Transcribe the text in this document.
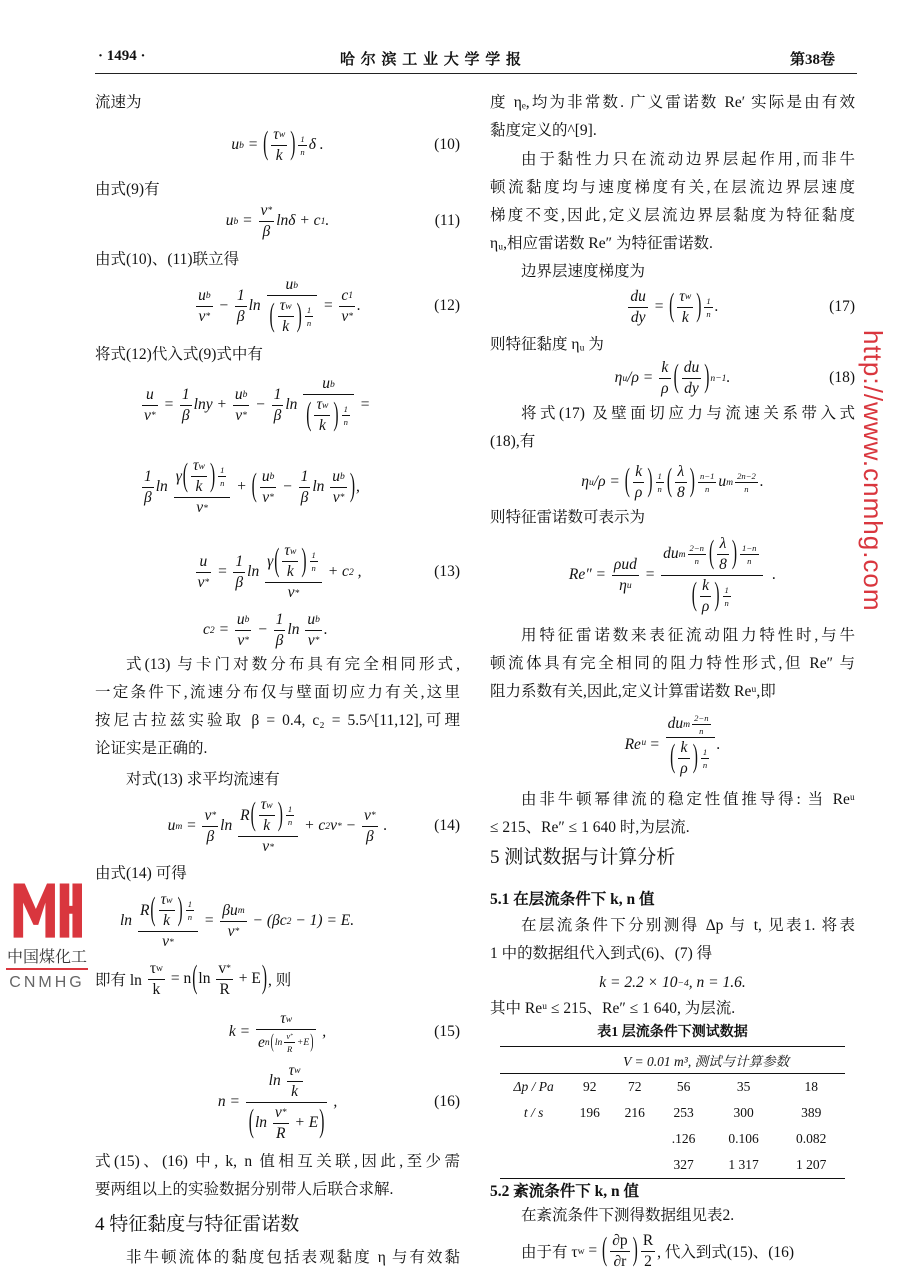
· 1494 ·	哈 尔 滨 工 业 大 学 学 报	第38卷
流速为
u b = ( $\frac{\text{τ w}}{k}$ ) $\frac{1}{n}$ δ .	(10)
由式(9)有
u $b = \frac{v *}{\beta}$ lnδ + c 1 .	(11)
由式(10)、(11)联立得
$\frac{\text{u b}}{v *} - \frac{1}{\beta}$ $\ln \frac{\text{u b}}{( \frac{\text{τ w}}{k} ) \frac{1}{n}} = \frac{c 1}{v *}$ .	(12)
将式(12)代入式(9)式中有
$\frac{u}{v *} = \frac{1}{\beta}$ $\ln y + \frac{\text{u b}}{v *} - \frac{1}{\beta}$ $\ln \frac{\text{u b}}{( \frac{\text{τ w}}{k} ) \frac{1}{n}}$ =
$\frac{1}{\beta}$ $\ln \frac{\gamma ( \frac{\text{τ w}}{k} ) \frac{1}{n}}{v *}$ + ( $\frac{\text{u b}}{v *} - \frac{1}{\beta}$ $\ln \frac{\text{u b}}{v *}$ ) ,
$\frac{u}{v *} = \frac{1}{\beta}$ $\ln \frac{\gamma ( \frac{\text{τ w}}{k} ) \frac{1}{n}}{v *} + c$ 2 ,	(13)
c $2 = \frac{\text{u b}}{v *} - \frac{1}{\beta}$ $\ln \frac{\text{u b}}{v *}$ .
式(13) 与卡门对数分布具有完全相同形式,
一定条件下,流速分布仅与壁面切应力有关,这里
按尼古拉兹实验取 β = 0.4, c₂ = 5.5^[11,12],可理
论证实是正确的.
对式(13) 求平均流速有
u $m = \frac{v *}{\beta}$ $\ln \frac{R ( \frac{\text{τ w}}{k} ) \frac{1}{n}}{v *} + c$ 2 v * − $\frac{v *}{\beta}$ .	(14)
由式(14) 可得
$\ln \frac{R ( \frac{\text{τ w}}{k} ) \frac{1}{n}}{v *} = \frac{\text{βu m}}{v *} - (\beta c$ 2 − 1) = E.
即有 $\ln \frac{\text{τ w}}{k} = n$ ( $\ln \frac{v *}{R} + E$ ) , 则
$k = \frac{\text{τ w}}{e n ( \ln \frac{v *}{R} +E )}$ ,	(15)
$n = \frac{\ln \frac{\text{τ w}}{k}}{( \ln \frac{v *}{R} + E )}$ ,	(16)
式(15)、(16) 中, k, n 值相互关联,因此,至少需
要两组以上的实验数据分别带人后联合求解.
4 特征黏度与特征雷诺数
非牛顿流体的黏度包括表观黏度 η 与有效黏
度 ηₑ,均为非常数. 广义雷诺数 Re′ 实际是由有效
黏度定义的^[9].
由于黏性力只在流动边界层起作用,而非牛
顿流黏度均与速度梯度有关,在层流边界层速度
梯度不变,因此,定义层流边界层黏度为特征黏度
ηᵤ,相应雷诺数 Re″ 为特征雷诺数.
边界层速度梯度为
$\frac{du}{dy}$ = ( $\frac{\text{τ w}}{k}$ ) $\frac{1}{n}$ .	(17)
则特征黏度 ηᵤ 为
η u $/\rho = \frac{k}{\rho}$ ( $\frac{du}{dy}$ ) n−1 .	(18)
将式(17) 及壁面切应力与流速关系带入式
(18),有
η u /ρ = ( $\frac{k}{\rho}$ ) $\frac{1}{n}$ ( $\frac{\lambda}{8}$ ) $\frac{n-1}{n}$ u m $\frac{2n-2}{n}$ .
则特征雷诺数可表示为
$Re'' = \frac{\text{ρud}}{\text{η u}} = \frac{du m \frac{2-n}{n} ( \frac{\lambda}{8} ) \frac{1-n}{n}}{( \frac{k}{\rho} ) \frac{1}{n}}$ .
用特征雷诺数来表征流动阻力特性时,与牛
顿流体具有完全相同的阻力特性形式,但 Re″ 与
阻力系数有关,因此,定义计算雷诺数 Reᵘ,即
Reᵘ = $\frac{du m \frac{2-n}{n}}{( \frac{k}{\rho} ) \frac{1}{n}}$ .
由非牛顿幂律流的稳定性值推导得: 当 Reᵘ
≤ 215、Re″ ≤ 1 640 时,为层流.
5 测试数据与计算分析
5.1 在层流条件下 k, n 值
在层流条件下分别测得 Δp 与 t, 见表1. 将表
1 中的数据组代入到式(6)、(7) 得
k = 2.2 × 10 −4 , n = 1.6.
其中 Reᵘ ≤ 215、Re″ ≤ 1 640, 为层流.
表1 层流条件下测试数据
	V = 0.01 m³, 测试与计算参数				
Δp / Pa	92	72	56	35	18
t / s	196	216	253	300	389
			.126	0.106	0.082
			327	1 317	1 207
5.2 紊流条件下 k, n 值
在紊流条件下测得数据组见表2.
由于有 τ w = ( $\frac{\partial p}{\partial r}$ ) $\frac{R}{2}$ , 代入到式(15)、(16)
http://www.cnmhg.com
中国煤化工
CNMHG
